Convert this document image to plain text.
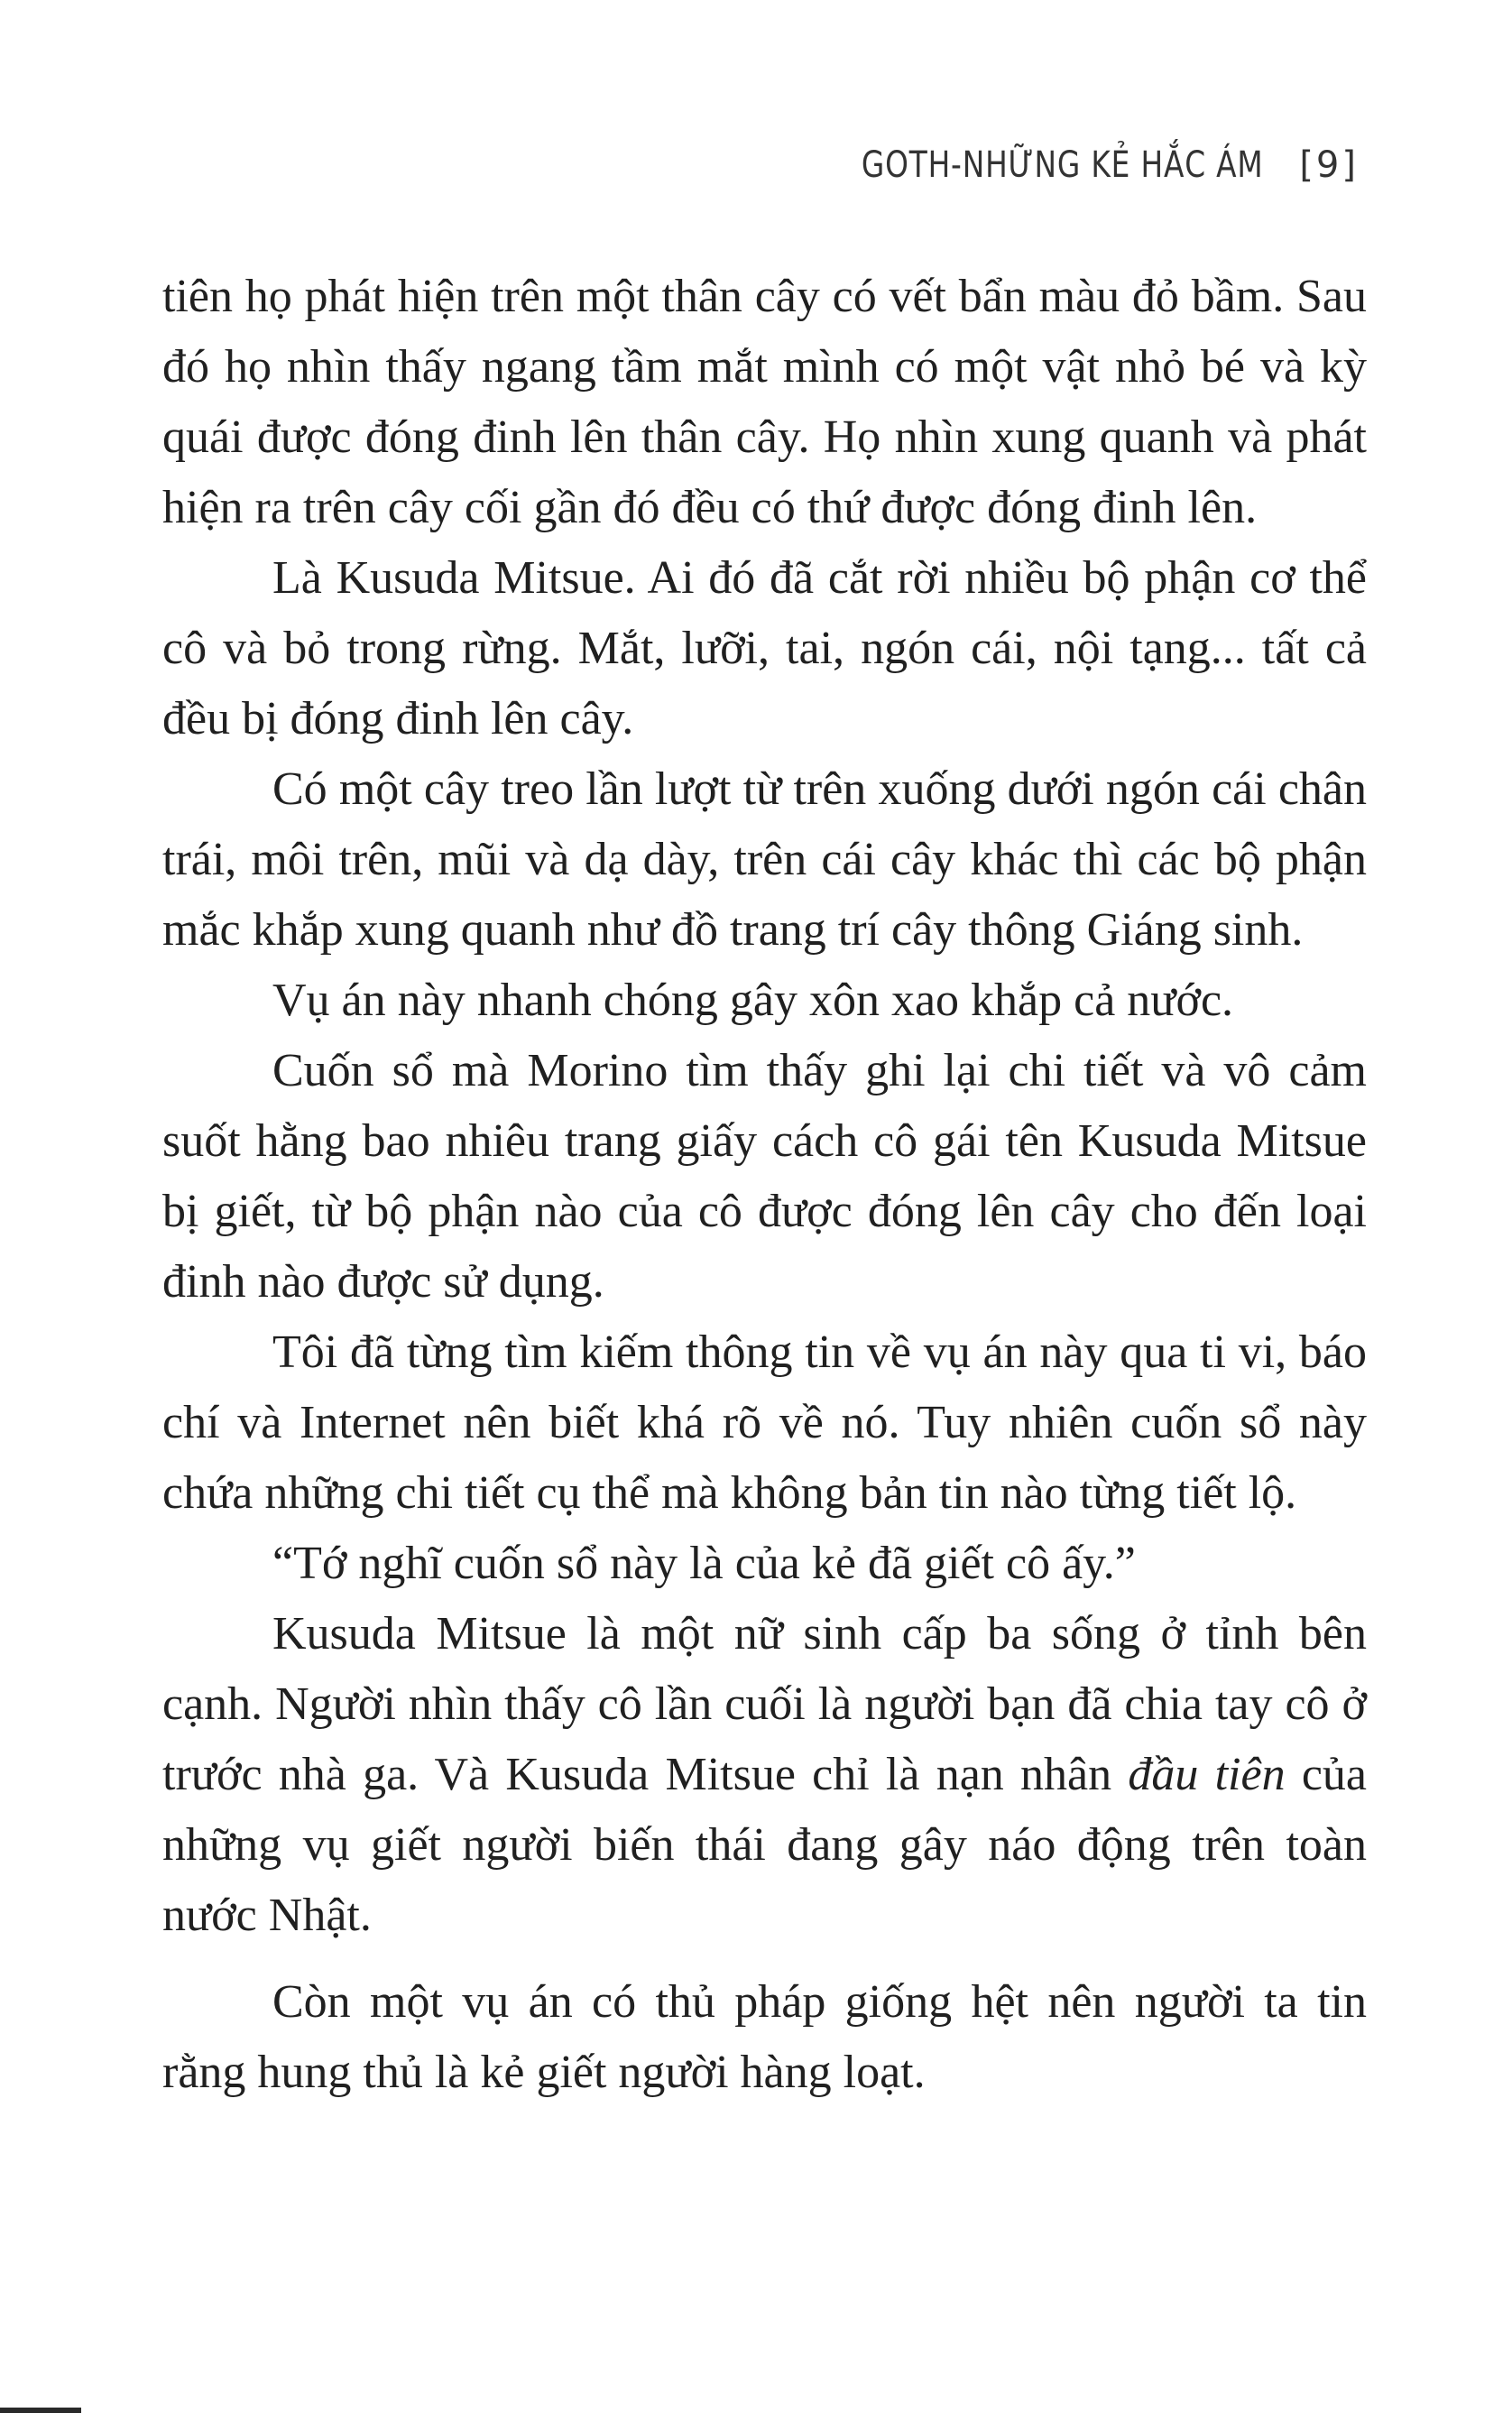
GOTH-NHỮNG KẺ HẮC ÁM [9]

tiên họ phát hiện trên một thân cây có vết bẩn màu đỏ bầm. Sau đó họ nhìn thấy ngang tầm mắt mình có một vật nhỏ bé và kỳ quái được đóng đinh lên thân cây. Họ nhìn xung quanh và phát hiện ra trên cây cối gần đó đều có thứ được đóng đinh lên.

Là Kusuda Mitsue. Ai đó đã cắt rời nhiều bộ phận cơ thể cô và bỏ trong rừng. Mắt, lưỡi, tai, ngón cái, nội tạng... tất cả đều bị đóng đinh lên cây.

Có một cây treo lần lượt từ trên xuống dưới ngón cái chân trái, môi trên, mũi và dạ dày, trên cái cây khác thì các bộ phận mắc khắp xung quanh như đồ trang trí cây thông Giáng sinh.

Vụ án này nhanh chóng gây xôn xao khắp cả nước.

Cuốn sổ mà Morino tìm thấy ghi lại chi tiết và vô cảm suốt hằng bao nhiêu trang giấy cách cô gái tên Kusuda Mitsue bị giết, từ bộ phận nào của cô được đóng lên cây cho đến loại đinh nào được sử dụng.

Tôi đã từng tìm kiếm thông tin về vụ án này qua ti vi, báo chí và Internet nên biết khá rõ về nó. Tuy nhiên cuốn sổ này chứa những chi tiết cụ thể mà không bản tin nào từng tiết lộ.

“Tớ nghĩ cuốn sổ này là của kẻ đã giết cô ấy.”

Kusuda Mitsue là một nữ sinh cấp ba sống ở tỉnh bên cạnh. Người nhìn thấy cô lần cuối là người bạn đã chia tay cô ở trước nhà ga. Và Kusuda Mitsue chỉ là nạn nhân đầu tiên của những vụ giết người biến thái đang gây náo động trên toàn nước Nhật.

Còn một vụ án có thủ pháp giống hệt nên người ta tin rằng hung thủ là kẻ giết người hàng loạt.
